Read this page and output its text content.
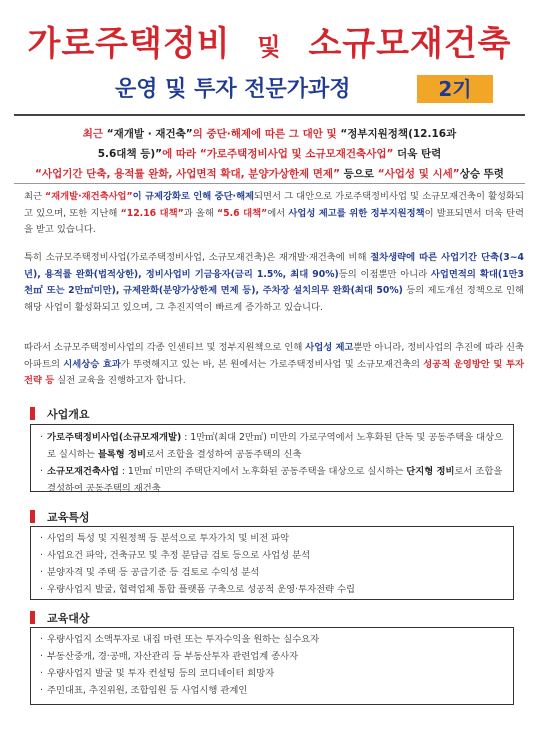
가로주택정비 및 소규모재건축
운영 및 투자 전문가과정	2기
최근 “재개발 · 재건축”의 중단·해제에 따른 그 대안 및 “정부지원정책(12.16과
5.6대책 등)”에 따라 “가로주택정비사업 및 소규모재건축사업” 더욱 탄력
“사업기간 단축, 용적률 완화, 사업면적 확대, 분양가상한제 면제” 등으로 “사업성 및 시세”상승 뚜렷
최근 “재개발·재건축사업”이 규제강화로 인해 중단·해제되면서 그 대안으로 가로주택정비사업 및 소규모재건축이 활성화되고 있으며, 또한 지난해 “12.16 대책”과 올해 “5.6 대책”에서 사업성 제고를 위한 정부지원정책이 발표되면서 더욱 탄력을 받고 있습니다.
특히 소규모주택정비사업(가로주택정비사업, 소규모재건축)은 재개발·재건축에 비해 절차생략에 따른 사업기간 단축(3~4년), 용적률 완화(법적상한), 정비사업비 기금융자(금리 1.5%, 최대 90%)등의 이점뿐만 아니라 사업면적의 확대(1만3천㎡ 또는 2만㎡미만), 규제완화(분양가상한제 면제 등), 주차장 설치의무 완화(최대 50%) 등의 제도개선 정책으로 인해 해당 사업이 활성화되고 있으며, 그 추진지역이 빠르게 증가하고 있습니다.
따라서 소규모주택정비사업의 각종 인센티브 및 정부지원책으로 인해 사업성 제고뿐만 아니라, 정비사업의 추진에 따라 신축 아파트의 시세상승 효과가 뚜렷해지고 있는 바, 본 원에서는 가로주택정비사업 및 소규모재건축의 성공적 운영방안 및 투자전략 등 실전 교육을 진행하고자 합니다.
사업개요
· 가로주택정비사업(소규모재개발) : 1만㎡(최대 2만㎡) 미만의 가로구역에서 노후화된 단독 및 공동주택을 대상으로 실시하는 블록형 정비로서 조합을 결성하여 공동주택의 신축
· 소규모재건축사업 : 1만㎡ 미만의 주택단지에서 노후화된 공동주택을 대상으로 실시하는 단지형 정비로서 조합을 결성하여 공동주택의 재건축
교육특성
· 사업의 특성 및 지원정책 등 분석으로 투자가치 및 비전 파악
· 사업요건 파악, 건축규모 및 추정 분담금 검토 등으로 사업성 분석
· 분양자격 및 주택 등 공급기준 등 검토로 수익성 분석
· 우량사업지 발굴, 협력업체 통합 플랫폼 구축으로 성공적 운영·투자전략 수립
교육대상
· 우량사업지 소액투자로 내집 마련 또는 투자수익을 원하는 실수요자
· 부동산중개, 경·공매, 자산관리 등 부동산투자 관련업계 종사자
· 우량사업지 발굴 및 투자 컨설팅 등의 코디네이터 희망자
· 주민대표, 추진위원, 조합임원 등 사업시행 관계인
